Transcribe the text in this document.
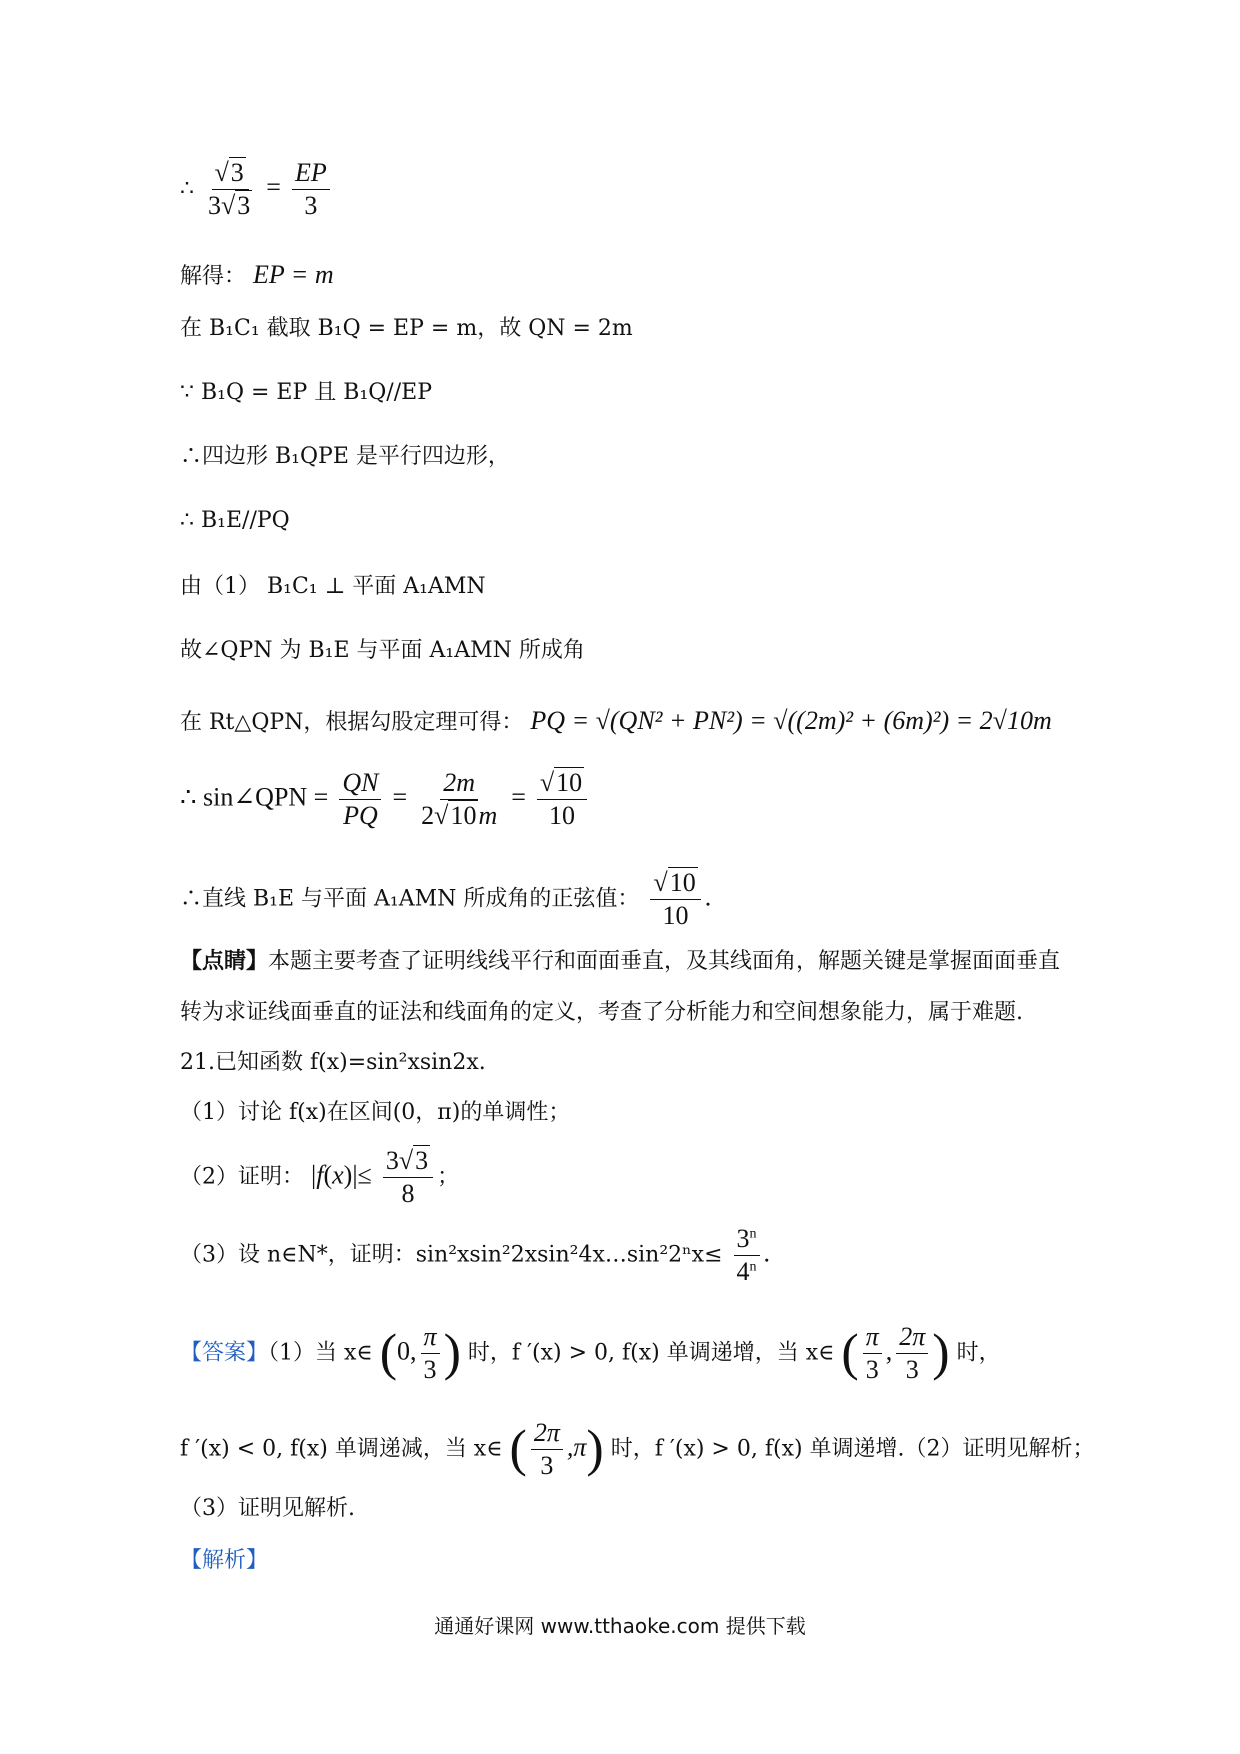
∴ $\frac{√3}{3√3} = \frac{EP}{3}$
解得： EP = m
在 B₁C₁ 截取 B₁Q = EP = m，故 QN = 2m
∵ B₁Q = EP 且 B₁Q//EP
∴四边形 B₁QPE 是平行四边形，
∴ B₁E//PQ
由（1） B₁C₁ ⊥ 平面 A₁AMN
故∠QPN 为 B₁E 与平面 A₁AMN 所成角
在 Rt△QPN，根据勾股定理可得： PQ = √(QN² + PN²) = √((2m)² + (6m)²) = 2√10m
∴ sin∠QPN = $\frac{QN}{PQ} = \frac{2m}{2√10m} = \frac{√10}{10}$
∴直线 B₁E 与平面 A₁AMN 所成角的正弦值： $\frac{√10}{10}$ .
【点睛】本题主要考查了证明线线平行和面面垂直，及其线面角，解题关键是掌握面面垂直
转为求证线面垂直的证法和线面角的定义，考查了分析能力和空间想象能力，属于难题.
21.已知函数 f(x)=sin²xsin2x.
（1）讨论 f(x)在区间(0，π)的单调性；
（2）证明： $|f(x)|\le \frac{3√3}{8}$ ；
（3）设 n∈N*，证明：sin²xsin²2xsin²4x…sin²2ⁿx≤ $\frac{3^n}{4^n}$ .
【答案】（1）当 x∈ (0, $\frac{\pi}{3}$ ) 时，f ′(x) > 0, f(x) 单调递增，当 x∈ ( $\frac{\pi}{3}$ , $\frac{2\pi}{3}$ ) 时，
f ′(x) < 0, f(x) 单调递减，当 x∈ ( $\frac{2\pi}{3} ,\pi$) 时，f ′(x) > 0, f(x) 单调递增.（2）证明见解析；
（3）证明见解析.
【解析】
通通好课网 www.tthaoke.com 提供下载
